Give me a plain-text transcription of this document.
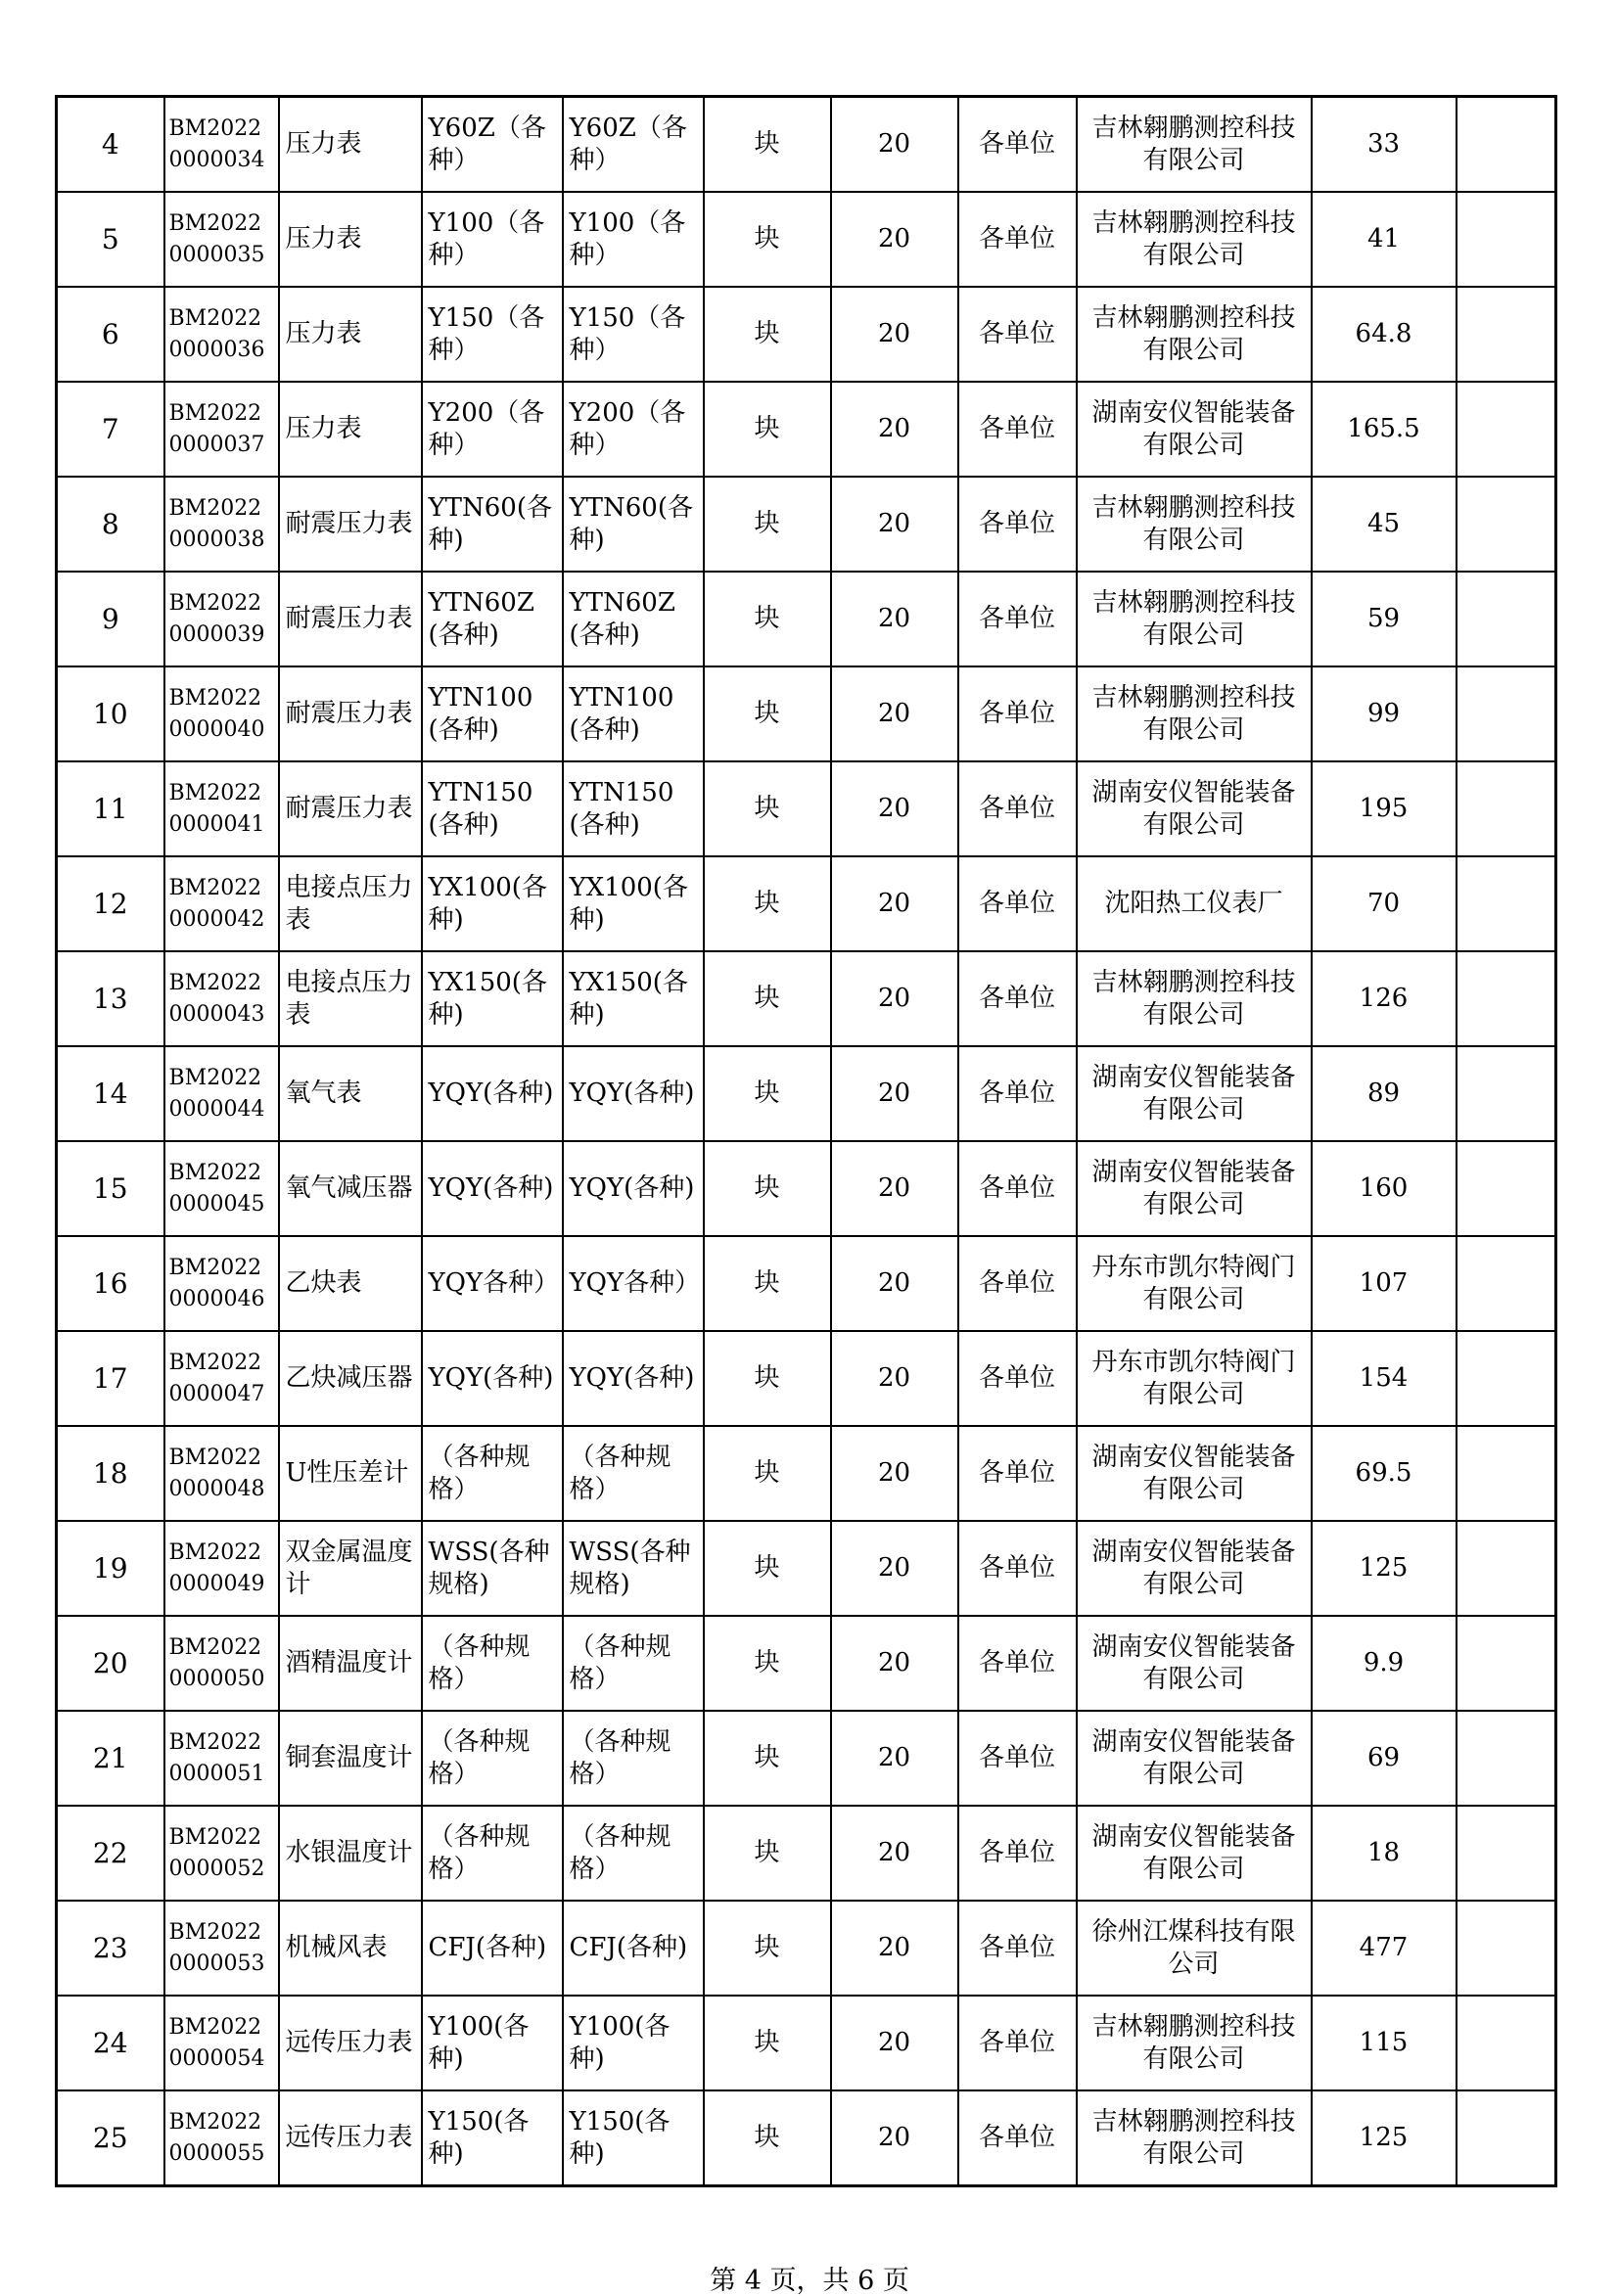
4	BM20220000034	压力表	Y60Z（各种）	Y60Z（各种）	块	20	各单位	吉林翱鹏测控科技有限公司	33	
5	BM20220000035	压力表	Y100（各种）	Y100（各种）	块	20	各单位	吉林翱鹏测控科技有限公司	41	
6	BM20220000036	压力表	Y150（各种）	Y150（各种）	块	20	各单位	吉林翱鹏测控科技有限公司	64.8	
7	BM20220000037	压力表	Y200（各种）	Y200（各种）	块	20	各单位	湖南安仪智能装备有限公司	165.5	
8	BM20220000038	耐震压力表	YTN60(各种)	YTN60(各种)	块	20	各单位	吉林翱鹏测控科技有限公司	45	
9	BM20220000039	耐震压力表	YTN60Z(各种)	YTN60Z(各种)	块	20	各单位	吉林翱鹏测控科技有限公司	59	
10	BM20220000040	耐震压力表	YTN100(各种)	YTN100(各种)	块	20	各单位	吉林翱鹏测控科技有限公司	99	
11	BM20220000041	耐震压力表	YTN150(各种)	YTN150(各种)	块	20	各单位	湖南安仪智能装备有限公司	195	
12	BM20220000042	电接点压力表	YX100(各种)	YX100(各种)	块	20	各单位	沈阳热工仪表厂	70	
13	BM20220000043	电接点压力表	YX150(各种)	YX150(各种)	块	20	各单位	吉林翱鹏测控科技有限公司	126	
14	BM20220000044	氧气表	YQY(各种)	YQY(各种)	块	20	各单位	湖南安仪智能装备有限公司	89	
15	BM20220000045	氧气减压器	YQY(各种)	YQY(各种)	块	20	各单位	湖南安仪智能装备有限公司	160	
16	BM20220000046	乙炔表	YQY各种）	YQY各种）	块	20	各单位	丹东市凯尔特阀门有限公司	107	
17	BM20220000047	乙炔减压器	YQY(各种)	YQY(各种)	块	20	各单位	丹东市凯尔特阀门有限公司	154	
18	BM20220000048	U性压差计	（各种规格）	（各种规格）	块	20	各单位	湖南安仪智能装备有限公司	69.5	
19	BM20220000049	双金属温度计	WSS(各种规格)	WSS(各种规格)	块	20	各单位	湖南安仪智能装备有限公司	125	
20	BM20220000050	酒精温度计	（各种规格）	（各种规格）	块	20	各单位	湖南安仪智能装备有限公司	9.9	
21	BM20220000051	铜套温度计	（各种规格）	（各种规格）	块	20	各单位	湖南安仪智能装备有限公司	69	
22	BM20220000052	水银温度计	（各种规格）	（各种规格）	块	20	各单位	湖南安仪智能装备有限公司	18	
23	BM20220000053	机械风表	CFJ(各种)	CFJ(各种)	块	20	各单位	徐州江煤科技有限公司	477	
24	BM20220000054	远传压力表	Y100(各种)	Y100(各种)	块	20	各单位	吉林翱鹏测控科技有限公司	115	
25	BM20220000055	远传压力表	Y150(各种)	Y150(各种)	块	20	各单位	吉林翱鹏测控科技有限公司	125	
第 4 页，共 6 页
